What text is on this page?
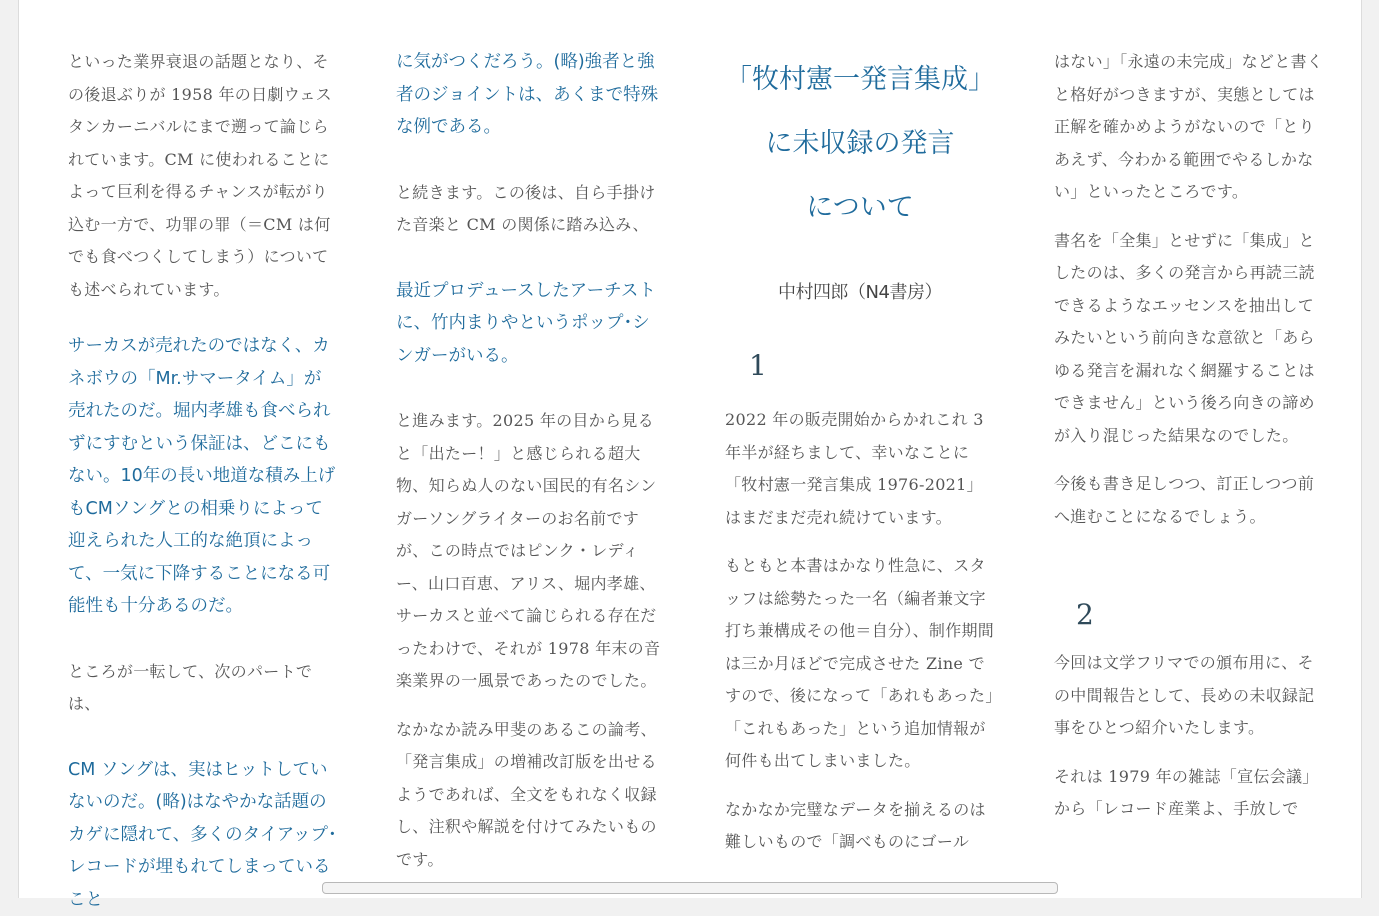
といった業界衰退の話題となり、その後退ぶりが 1958 年の日劇ウェスタンカーニバルにまで遡って論じられています。CM に使われることによって巨利を得るチャンスが転がり込む一方で、功罪の罪（＝CM は何でも食べつくしてしまう）についても述べられています。

サーカスが売れたのではなく、カネボウの「Mr.サマータイム」が売れたのだ。堀内孝雄も食べられずにすむという保証は、どこにもない。10年の長い地道な積み上げもCMソングとの相乗りによって迎えられた人工的な絶頂によって、一気に下降することになる可能性も十分あるのだ。

ところが一転して、次のパートでは、

CM ソングは、実はヒットしていないのだ。(略)はなやかな話題のカゲに隠れて、多くのタイアップ･レコードが埋もれてしまっていること

に気がつくだろう。(略)強者と強者のジョイントは、あくまで特殊な例である。

と続きます。この後は、自ら手掛けた音楽と CM の関係に踏み込み、

最近プロデュースしたアーチストに、竹内まりやというポップ･シンガーがいる。

と進みます。2025 年の目から見ると「出たー！」と感じられる超大物、知らぬ人のない国民的有名シンガーソングライターのお名前ですが、この時点ではピンク・レディー、山口百恵、アリス、堀内孝雄、サーカスと並べて論じられる存在だったわけで、それが 1978 年末の音楽業界の一風景であったのでした。

なかなか読み甲斐のあるこの論考、「発言集成」の増補改訂版を出せるようであれば、全文をもれなく収録し、注釈や解説を付けてみたいものです。

「牧村憲一発言集成」

に未収録の発言

について

中村四郎（N4書房）

1

2022 年の販売開始からかれこれ 3 年半が経ちまして、幸いなことに「牧村憲一発言集成 1976-2021」はまだまだ売れ続けています。

もともと本書はかなり性急に、スタッフは総勢たった一名（編者兼文字打ち兼構成その他＝自分）、制作期間は三か月ほどで完成させた Zine ですので、後になって「あれもあった」「これもあった」という追加情報が何件も出てしまいました。

なかなか完璧なデータを揃えるのは難しいもので「調べものにゴール

はない」「永遠の未完成」などと書くと格好がつきますが、実態としては正解を確かめようがないので「とりあえず、今わかる範囲でやるしかない」といったところです。

書名を「全集」とせずに「集成」としたのは、多くの発言から再読三読できるようなエッセンスを抽出してみたいという前向きな意欲と「あらゆる発言を漏れなく網羅することはできません」という後ろ向きの諦めが入り混じった結果なのでした。

今後も書き足しつつ、訂正しつつ前へ進むことになるでしょう。

2

今回は文学フリマでの頒布用に、その中間報告として、長めの未収録記事をひとつ紹介いたします。

それは 1979 年の雑誌「宣伝会議」から「レコード産業よ、手放しで
